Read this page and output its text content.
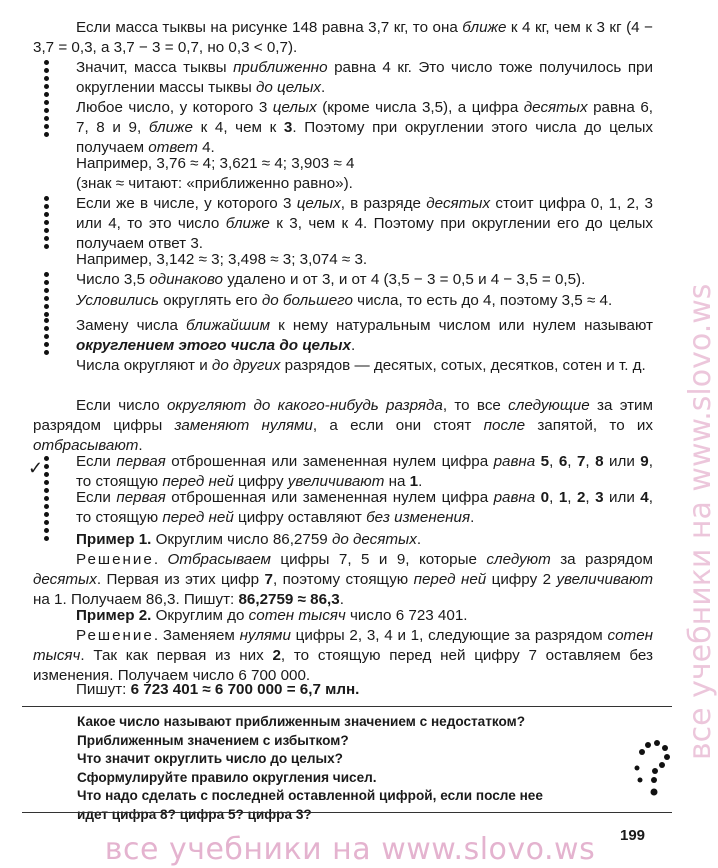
Если масса тыквы на рисунке 148 равна 3,7 кг, то она ближе к 4 кг, чем к 3 кг (4 − 3,7 = 0,3, а 3,7 − 3 = 0,7, но 0,3 < 0,7).

Значит, масса тыквы приближенно равна 4 кг. Это число тоже получилось при округлении массы тыквы до целых.

Любое число, у которого 3 целых (кроме числа 3,5), а цифра десятых равна 6, 7, 8 и 9, ближе к 4, чем к 3. Поэтому при округлении этого числа до целых получаем ответ 4.

Например, 3,76 ≈ 4; 3,621 ≈ 4; 3,903 ≈ 4

(знак ≈ читают: «приближенно равно»).

Если же в числе, у которого 3 целых, в разряде десятых стоит цифра 0, 1, 2, 3 или 4, то это число ближе к 3, чем к 4. Поэтому при округлении его до целых получаем ответ 3.

Например, 3,142 ≈ 3; 3,498 ≈ 3; 3,074 ≈ 3.

Число 3,5 одинаково удалено и от 3, и от 4 (3,5 − 3 = 0,5 и 4 − 3,5 = 0,5).

Условились округлять его до большего числа, то есть до 4, поэтому 3,5 ≈ 4.

Замену числа ближайшим к нему натуральным числом или нулем называют округлением этого числа до целых.

Числа округляют и до других разрядов — десятых, сотых, десятков, сотен и т. д.

Если число округляют до какого-нибудь разряда, то все следующие за этим разрядом цифры заменяют нулями, а если они стоят после запятой, то их отбрасывают.

✓ Если первая отброшенная или замененная нулем цифра равна 5, 6, 7, 8 или 9, то стоящую перед ней цифру увеличивают на 1.

Если первая отброшенная или замененная нулем цифра равна 0, 1, 2, 3 или 4, то стоящую перед ней цифру оставляют без изменения.

Пример 1. Округлим число 86,2759 до десятых.

Решение. Отбрасываем цифры 7, 5 и 9, которые следуют за разрядом десятых. Первая из этих цифр 7, поэтому стоящую перед ней цифру 2 увеличивают на 1. Получаем 86,3. Пишут: 86,2759 ≈ 86,3.

Пример 2. Округлим до сотен тысяч число 6 723 401.

Решение. Заменяем нулями цифры 2, 3, 4 и 1, следующие за разрядом сотен тысяч. Так как первая из них 2, то стоящую перед ней цифру 7 оставляем без изменения. Получаем число 6 700 000.

Пишут: 6 723 401 ≈ 6 700 000 = 6,7 млн.

Какое число называют приближенным значением с недостатком?
Приближенным значением с избытком?
Что значит округлить число до целых?
Сформулируйте правило округления чисел.
Что надо сделать с последней оставленной цифрой, если после нее
идет цифра 8? цифра 5? цифра 3?
199
все учебники на www.slovo.ws
все учебники на www.slovo.ws
